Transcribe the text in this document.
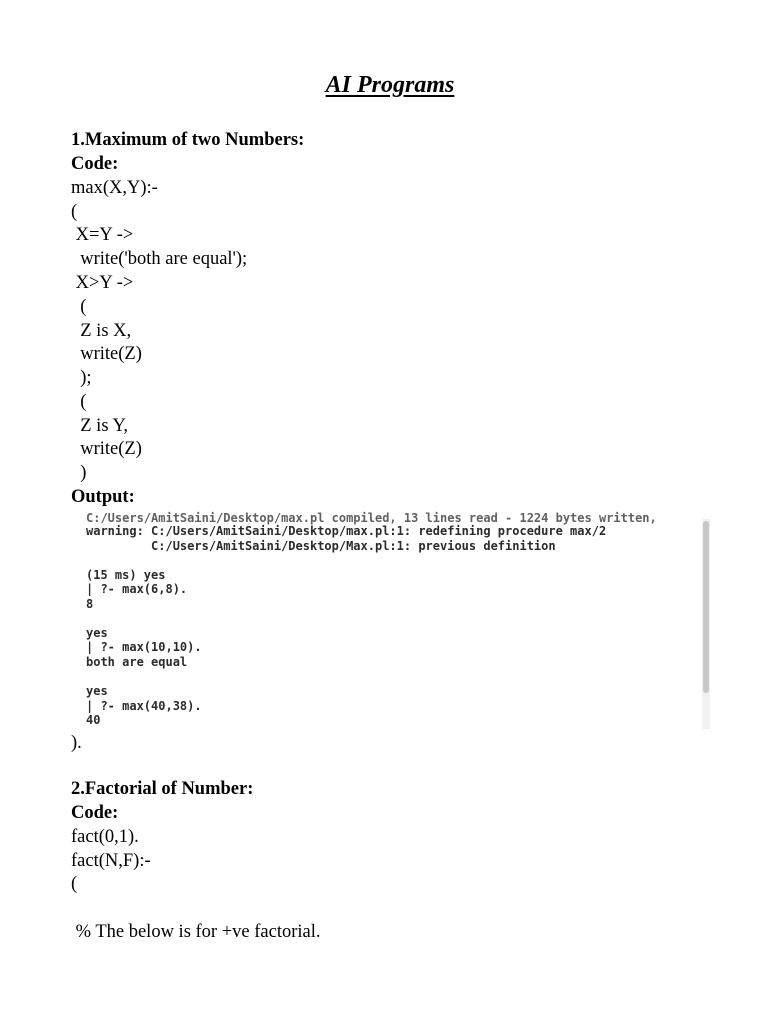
AI Programs
1.Maximum of two Numbers:
Code:
max(X,Y):-
(
X=Y ->
write('both are equal');
X>Y ->
(
Z is X,
write(Z)
);
(
Z is Y,
write(Z)
)
Output:
C:/Users/AmitSaini/Desktop/max.pl compiled, 13 lines read - 1224 bytes written,
warning: C:/Users/AmitSaini/Desktop/max.pl:1: redefining procedure max/2
C:/Users/AmitSaini/Desktop/Max.pl:1: previous definition
(15 ms) yes
| ?- max(6,8).
8
yes
| ?- max(10,10).
both are equal
yes
| ?- max(40,38).
40
).
2.Factorial of Number:
Code:
fact(0,1).
fact(N,F):-
(
% The below is for +ve factorial.
